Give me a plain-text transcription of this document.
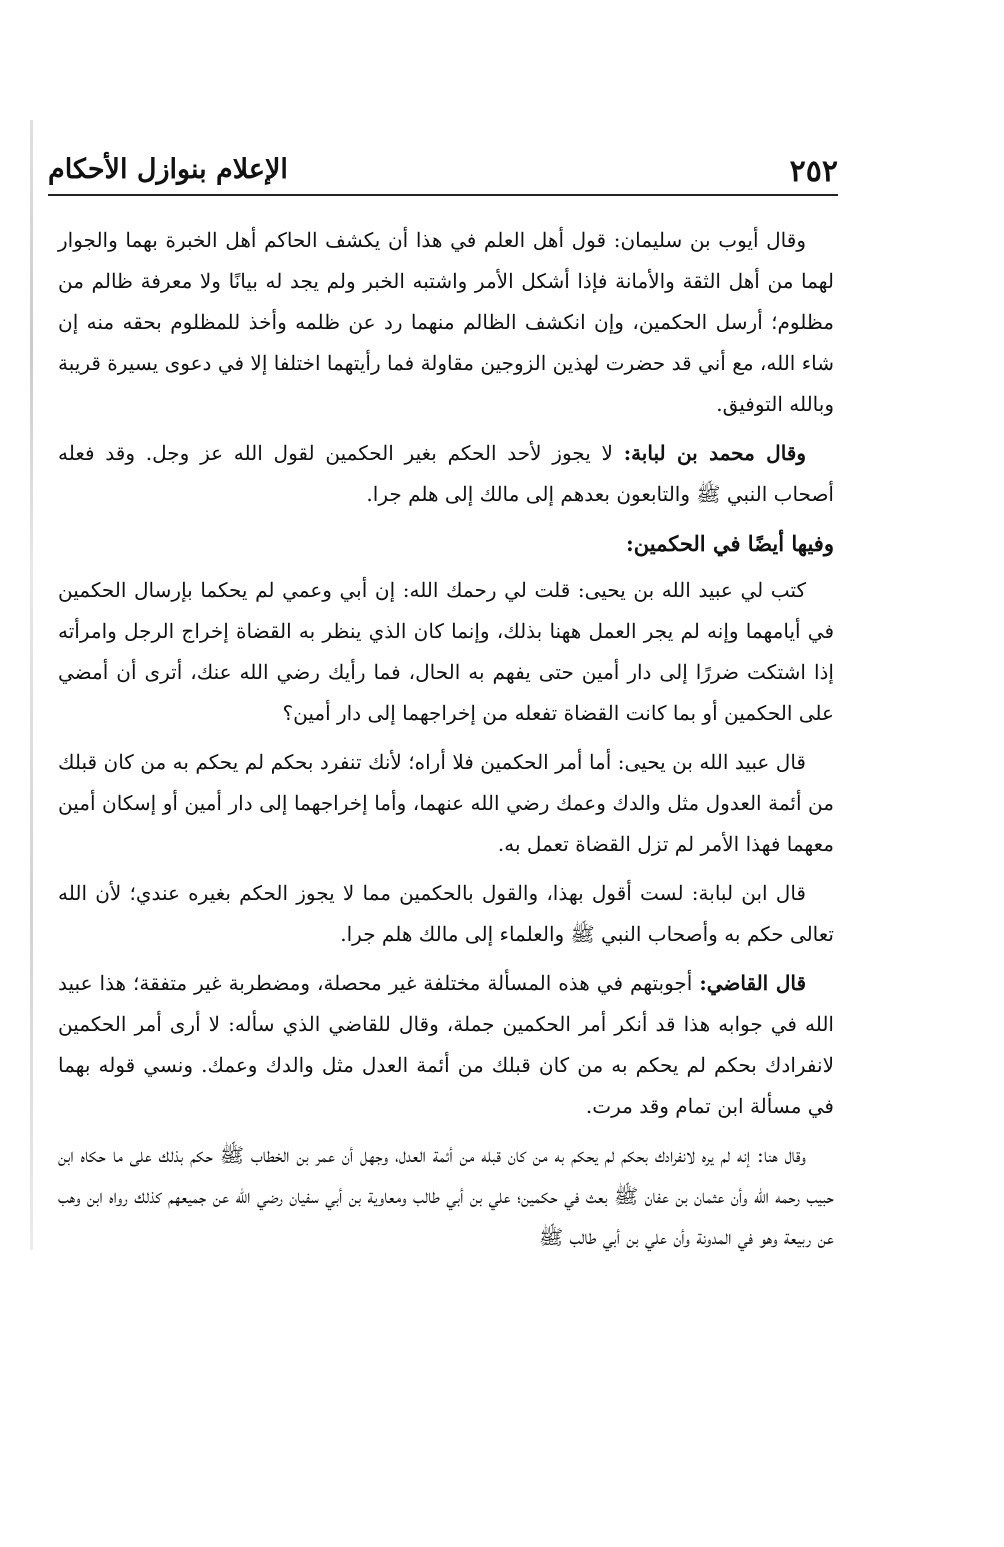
٢٥٢
الإعلام بنوازل الأحكام

وقال أيوب بن سليمان: قول أهل العلم في هذا أن يكشف الحاكم أهل الخبرة بهما والجوار لهما من أهل الثقة والأمانة فإذا أشكل الأمر واشتبه الخبر ولم يجد له بيانًا ولا معرفة ظالم من مظلوم؛ أرسل الحكمين، وإن انكشف الظالم منهما رد عن ظلمه وأخذ للمظلوم بحقه منه إن شاء الله، مع أني قد حضرت لهذين الزوجين مقاولة فما رأيتهما اختلفا إلا في دعوى يسيرة قريبة وبالله التوفيق.

وقال محمد بن لبابة: لا يجوز لأحد الحكم بغير الحكمين لقول الله عز وجل. وقد فعله أصحاب النبي ﷺ والتابعون بعدهم إلى مالك إلى هلم جرا.

وفيها أيضًا في الحكمين:

كتب لي عبيد الله بن يحيى: قلت لي رحمك الله: إن أبي وعمي لم يحكما بإرسال الحكمين في أيامهما وإنه لم يجر العمل ههنا بذلك، وإنما كان الذي ينظر به القضاة إخراج الرجل وامرأته إذا اشتكت ضررًا إلى دار أمين حتى يفهم به الحال، فما رأيك رضي الله عنك، أترى أن أمضي على الحكمين أو بما كانت القضاة تفعله من إخراجهما إلى دار أمين؟

قال عبيد الله بن يحيى: أما أمر الحكمين فلا أراه؛ لأنك تنفرد بحكم لم يحكم به من كان قبلك من أئمة العدول مثل والدك وعمك رضي الله عنهما، وأما إخراجهما إلى دار أمين أو إسكان أمين معهما فهذا الأمر لم تزل القضاة تعمل به.

قال ابن لبابة: لست أقول بهذا، والقول بالحكمين مما لا يجوز الحكم بغيره عندي؛ لأن الله تعالى حكم به وأصحاب النبي ﷺ والعلماء إلى مالك هلم جرا.

قال القاضي: أجوبتهم في هذه المسألة مختلفة غير محصلة، ومضطربة غير متفقة؛ هذا عبيد الله في جوابه هذا قد أنكر أمر الحكمين جملة، وقال للقاضي الذي سأله: لا أرى أمر الحكمين لانفرادك بحكم لم يحكم به من كان قبلك من أئمة العدل مثل والدك وعمك. ونسي قوله بهما في مسألة ابن تمام وقد مرت.

وقال هنا: إنه لم يره لانفرادك بحكم لم يحكم به من كان قبله من أئمة العدل، وجهل أن عمر بن الخطاب ﷺ حكم بذلك على ما حكاه ابن حبيب رحمه الله وأن عثمان بن عفان ﷺ بعث في حكمين؛ علي بن أبي طالب ومعاوية بن أبي سفيان رضي الله عن جميعهم كذلك رواه ابن وهب عن ربيعة وهو في المدونة وأن علي بن أبي طالب ﷺ
